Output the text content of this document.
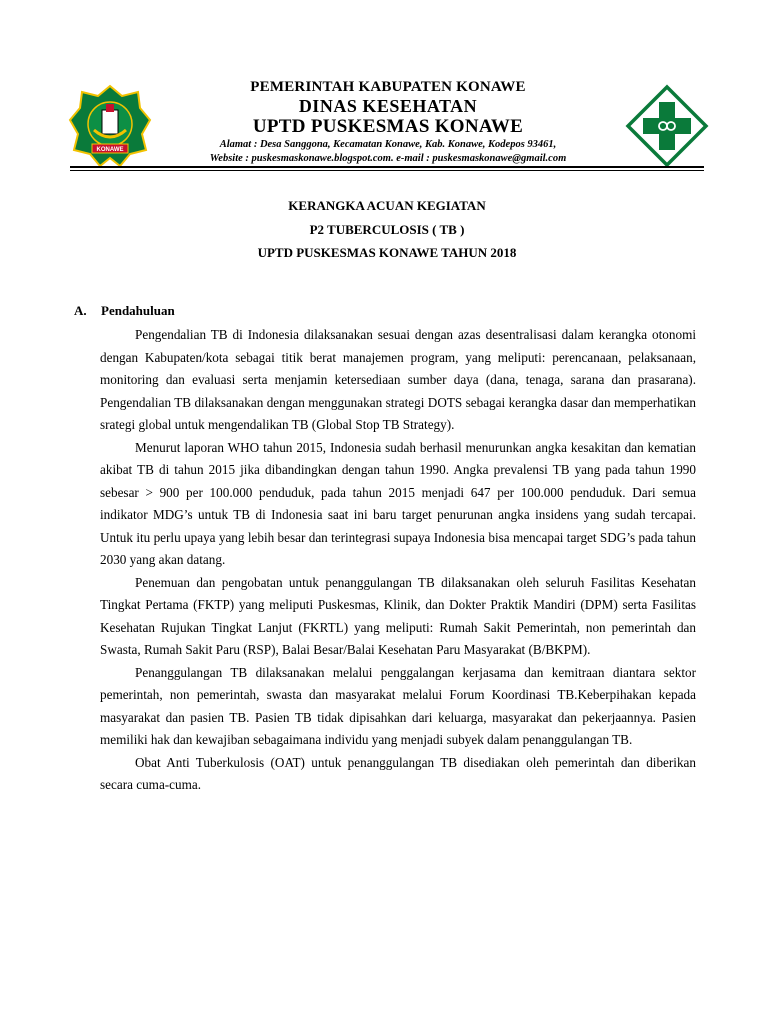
KONAWE
PEMERINTAH KABUPATEN KONAWE
DINAS KESEHATAN
UPTD PUSKESMAS KONAWE
Alamat : Desa Sanggona, Kecamatan Konawe, Kab. Konawe, Kodepos 93461,
Website : puskesmaskonawe.blogspot.com. e-mail : puskesmaskonawe@gmail.com
KERANGKA ACUAN KEGIATAN
P2 TUBERCULOSIS ( TB )
UPTD PUSKESMAS KONAWE TAHUN 2018
A.	Pendahuluan

Pengendalian TB di Indonesia dilaksanakan sesuai dengan azas desentralisasi dalam kerangka otonomi dengan Kabupaten/kota sebagai titik berat manajemen program, yang meliputi: perencanaan, pelaksanaan, monitoring dan evaluasi serta menjamin ketersediaan sumber daya (dana, tenaga, sarana dan prasarana). Pengendalian TB dilaksanakan dengan menggunakan strategi DOTS sebagai kerangka dasar dan memperhatikan srategi global untuk mengendalikan TB (Global Stop TB Strategy).

Menurut laporan WHO tahun 2015, Indonesia sudah berhasil menurunkan angka kesakitan dan kematian akibat TB di tahun 2015 jika dibandingkan dengan tahun 1990. Angka prevalensi TB yang pada tahun 1990 sebesar > 900 per 100.000 penduduk, pada tahun 2015 menjadi 647 per 100.000 penduduk. Dari semua indikator MDG’s untuk TB di Indonesia saat ini baru target penurunan angka insidens yang sudah tercapai. Untuk itu perlu upaya yang lebih besar dan terintegrasi supaya Indonesia bisa mencapai target SDG’s pada tahun 2030 yang akan datang.

Penemuan dan pengobatan untuk penanggulangan TB dilaksanakan oleh seluruh Fasilitas Kesehatan Tingkat Pertama (FKTP) yang meliputi Puskesmas, Klinik, dan Dokter Praktik Mandiri (DPM) serta Fasilitas Kesehatan Rujukan Tingkat Lanjut (FKRTL) yang meliputi: Rumah Sakit Pemerintah, non pemerintah dan Swasta, Rumah Sakit Paru (RSP), Balai Besar/Balai Kesehatan Paru Masyarakat (B/BKPM).

Penanggulangan TB dilaksanakan melalui penggalangan kerjasama dan kemitraan diantara sektor pemerintah, non pemerintah, swasta dan masyarakat melalui Forum Koordinasi TB.Keberpihakan kepada masyarakat dan pasien TB. Pasien TB tidak dipisahkan dari keluarga, masyarakat dan pekerjaannya. Pasien memiliki hak dan kewajiban sebagaimana individu yang menjadi subyek dalam penanggulangan TB.

Obat Anti Tuberkulosis (OAT) untuk penanggulangan TB disediakan oleh pemerintah dan diberikan secara cuma-cuma.
